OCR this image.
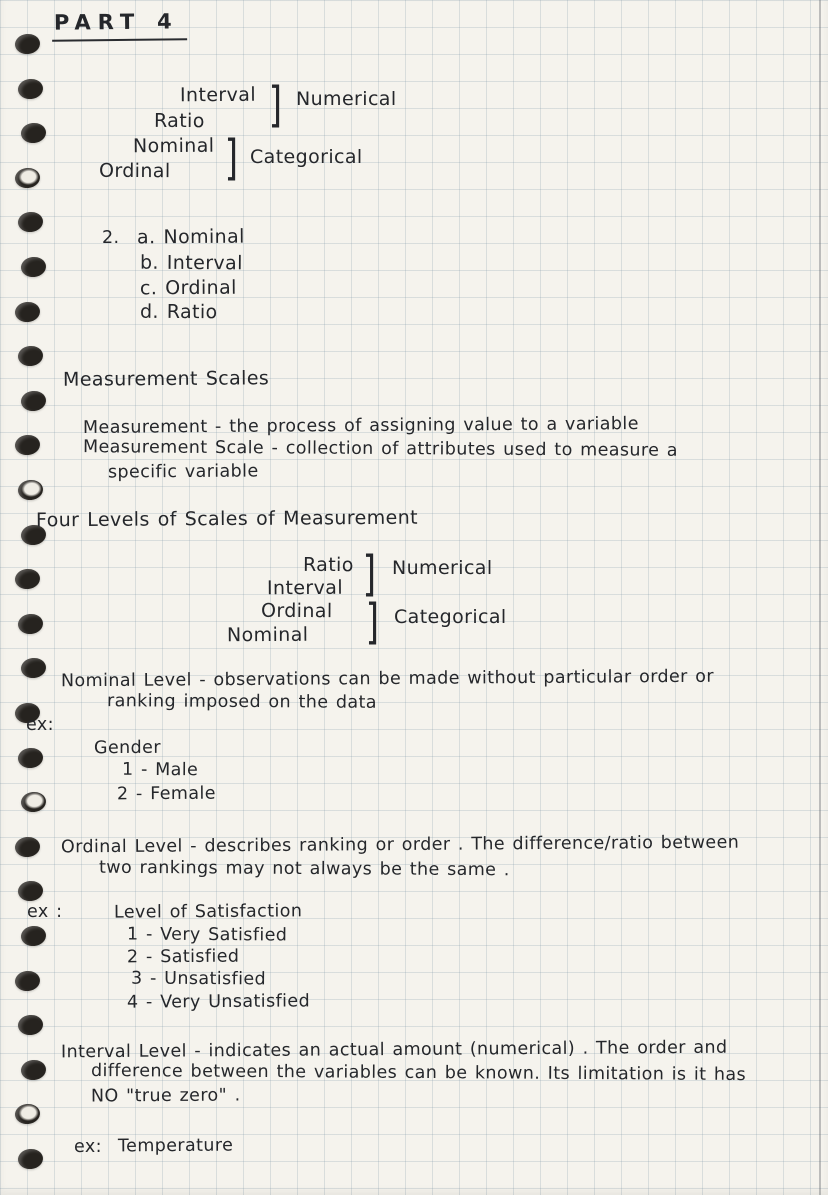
PART 4
Interval
Ratio ] Numerical
Nominal ]
Ordinal
Categorical
2. a. Nominal
b. Interval
c. Ordinal
d. Ratio
Measurement Scales
Measurement - the process of assigning value to a variable
Measurement Scale - collection of attributes used to measure a
specific variable
Four Levels of Scales of Measurement
Ratio
Interval ] Numerical
Ordinal
Nominal ] Categorical
Nominal Level - observations can be made without particular order or
ranking imposed on the data
ex:
Gender
1 - Male
2 - Female
Ordinal Level - describes ranking or order . The difference/ratio between
two rankings may not always be the same .
ex :	Level of Satisfaction
1 - Very Satisfied
2 - Satisfied
3 - Unsatisfied
4 - Very Unsatisfied
Interval Level - indicates an actual amount (numerical) . The order and
difference between the variables can be known. Its limitation is it has
NO "true zero" .
ex: Temperature
